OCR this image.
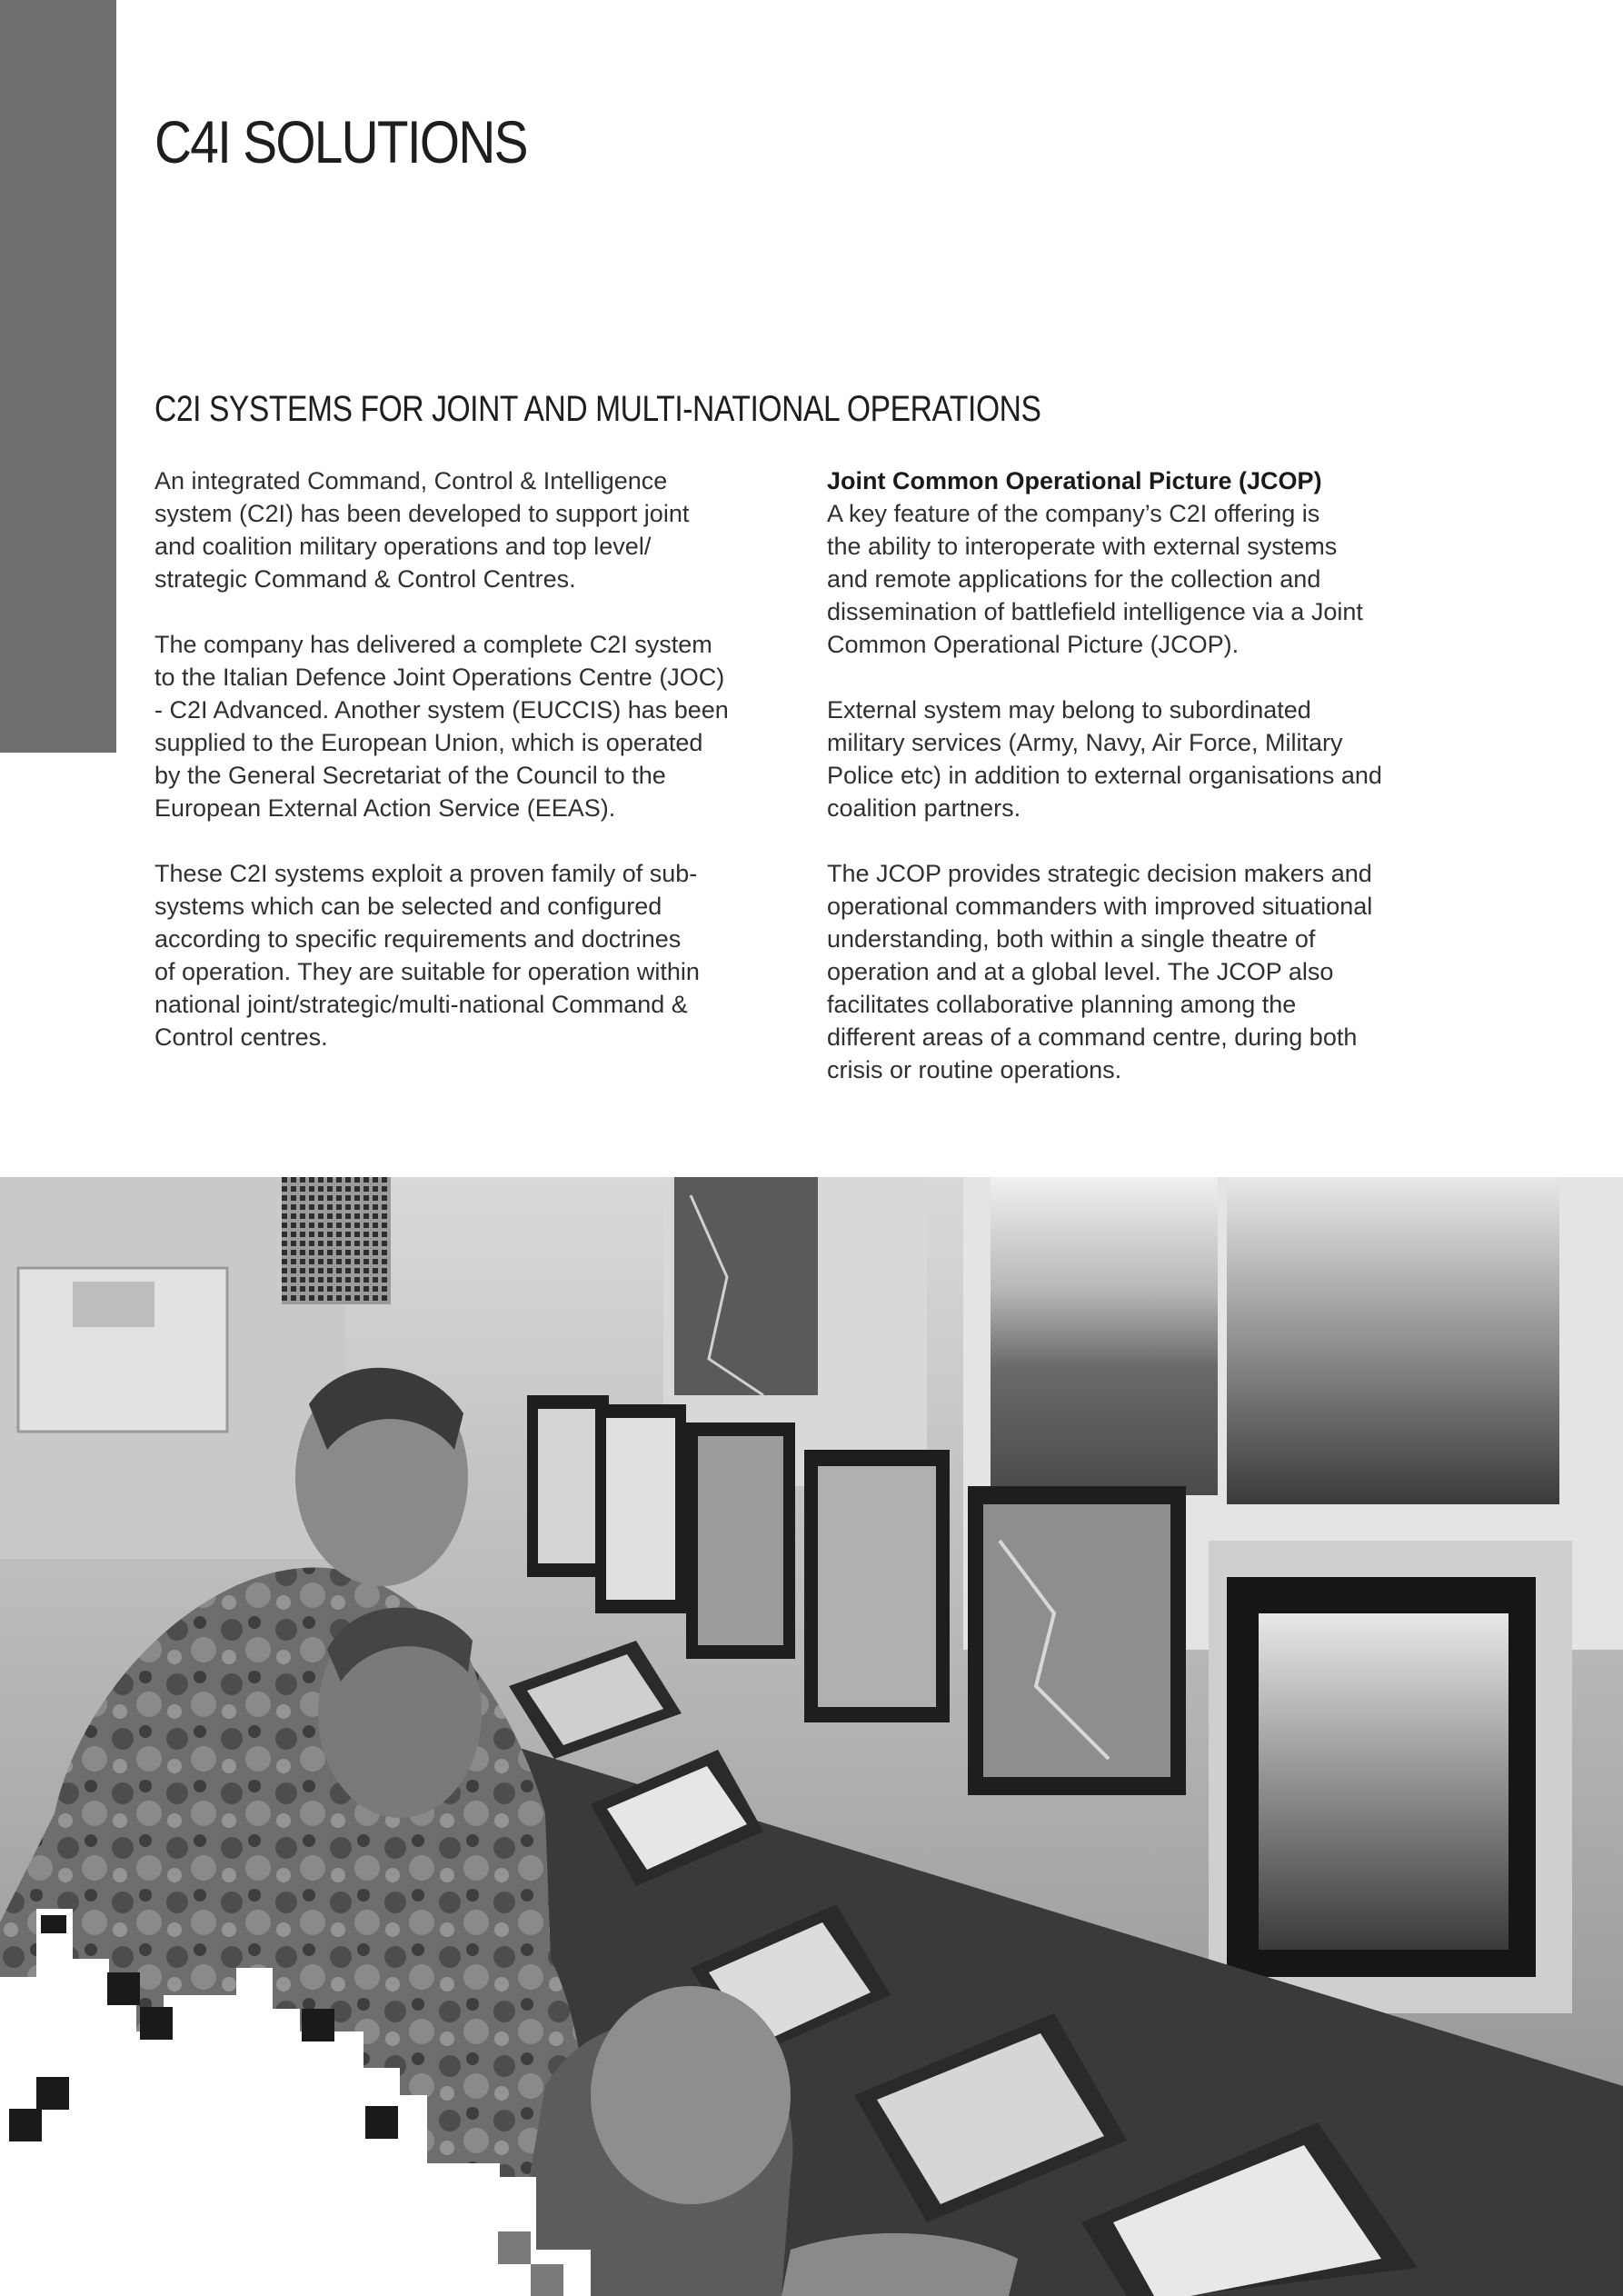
C4I SOLUTIONS
C2I SYSTEMS FOR JOINT AND MULTI-NATIONAL OPERATIONS

An integrated Command, Control & Intelligence
system (C2I) has been developed to support joint
and coalition military operations and top level/
strategic Command & Control Centres.

The company has delivered a complete C2I system
to the Italian Defence Joint Operations Centre (JOC)
- C2I Advanced. Another system (EUCCIS) has been
supplied to the European Union, which is operated
by the General Secretariat of the Council to the
European External Action Service (EEAS).

These C2I systems exploit a proven family of sub-
systems which can be selected and configured
according to specific requirements and doctrines
of operation. They are suitable for operation within
national joint/strategic/multi-national Command &
Control centres.

Joint Common Operational Picture (JCOP)
A key feature of the company’s C2I offering is
the ability to interoperate with external systems
and remote applications for the collection and
dissemination of battlefield intelligence via a Joint
Common Operational Picture (JCOP).

External system may belong to subordinated
military services (Army, Navy, Air Force, Military
Police etc) in addition to external organisations and
coalition partners.

The JCOP provides strategic decision makers and
operational commanders with improved situational
understanding, both within a single theatre of
operation and at a global level. The JCOP also
facilitates collaborative planning among the
different areas of a command centre, during both
crisis or routine operations.
